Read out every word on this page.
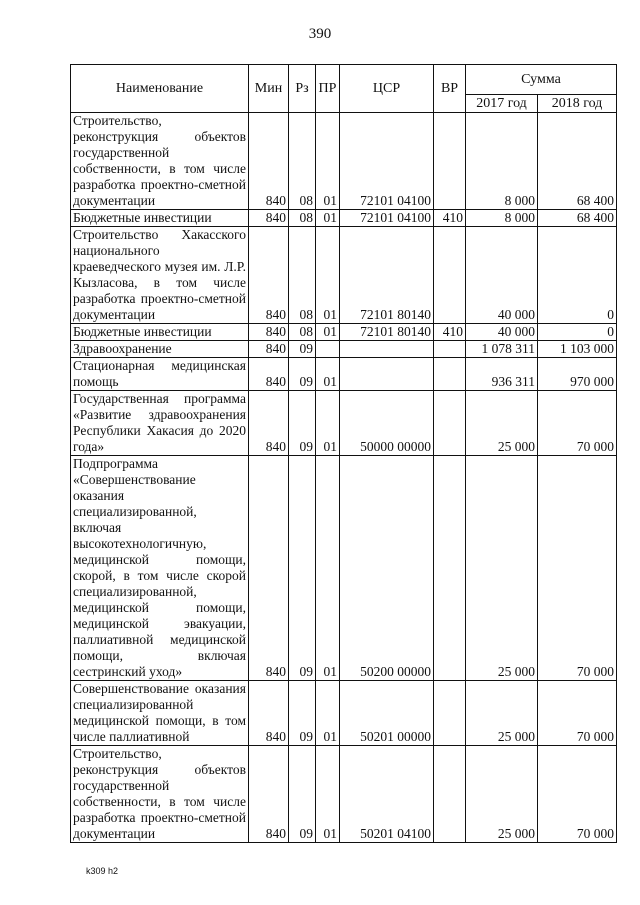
390
Наименование	Мин	Рз	ПР	ЦСР	ВР	Сумма	
						2017 год	2018 год
Строительство, реконструкция объектов государственной собственности, в том числе разработка проектно-сметной документации	840	08	01	72101 04100		8 000	68 400
Бюджетные инвестиции	840	08	01	72101 04100	410	8 000	68 400
Строительство Хакасского национального краеведческого музея им. Л.Р. Кызласова, в том числе разработка проектно-сметной документации	840	08	01	72101 80140		40 000	0
Бюджетные инвестиции	840	08	01	72101 80140	410	40 000	0
Здравоохранение	840	09				1 078 311	1 103 000
Стационарная медицинская помощь	840	09	01			936 311	970 000
Государственная программа «Развитие здравоохранения Республики Хакасия до 2020 года»	840	09	01	50000 00000		25 000	70 000
Подпрограмма «Совершенствование оказания специализированной, включая высокотехнологичную, медицинской помощи, скорой, в том числе скорой специализированной, медицинской помощи, медицинской эвакуации, паллиативной медицинской помощи, включая сестринский уход»	840	09	01	50200 00000		25 000	70 000
Совершенствование оказания специализированной медицинской помощи, в том числе паллиативной	840	09	01	50201 00000		25 000	70 000
Строительство, реконструкция объектов государственной собственности, в том числе разработка проектно-сметной документации	840	09	01	50201 04100		25 000	70 000
k309 h2
